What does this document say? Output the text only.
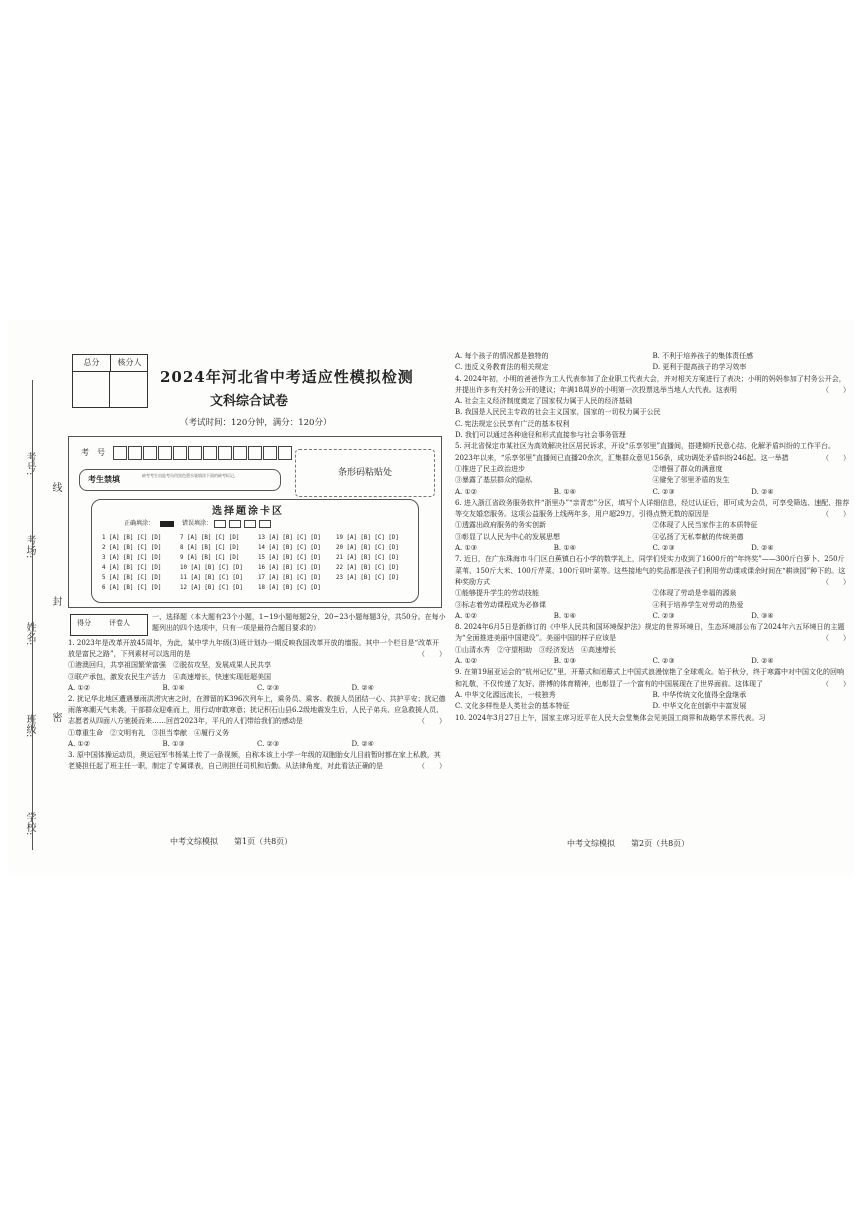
考号:
考场:
姓名:
班级:
学校:
线
封
密
总分	核分人
2024年河北省中考适应性模拟检测
文科综合试卷
（考试时间：120分钟，满分：120分）
考　号
条形码粘贴处
考生禁填	缺考考生由监考员用黑色墨水笔填涂下面的缺考标记。
选择题涂卡区
正确填涂：	错误填涂：
1 [A] [B] [C] [D]	7 [A] [B] [C] [D]	13 [A] [B] [C] [D]	19 [A] [B] [C] [D]
2 [A] [B] [C] [D]	8 [A] [B] [C] [D]	14 [A] [B] [C] [D]	20 [A] [B] [C] [D]
3 [A] [B] [C] [D]	9 [A] [B] [C] [D]	15 [A] [B] [C] [D]	21 [A] [B] [C] [D]
4 [A] [B] [C] [D]	10 [A] [B] [C] [D]	16 [A] [B] [C] [D]	22 [A] [B] [C] [D]
5 [A] [B] [C] [D]	11 [A] [B] [C] [D]	17 [A] [B] [C] [D]	23 [A] [B] [C] [D]
6 [A] [B] [C] [D]	12 [A] [B] [C] [D]	18 [A] [B] [C] [D]
得分	评卷人
一、选择题（本大题有23个小题，1~19小题每题2分，20~23小题每题3分，共50分。在每小题列出的四个选项中，只有一项是最符合题目要求的）

1. 2023年是改革开放45周年，为此，某中学九年级(3)班计划办一期反映我国改革开放的墙报。其中一个栏目是“改革开放是富民之路”，下列素材可以选用的是	（　　）

①港澳回归，共享祖国繁荣富强　②脱贫攻坚，发展成果人民共享

③联产承包，激发农民生产活力　④高速增长，快速实现赶超美国

A. ①②	B. ①④	C. ②③	D. ②④

2. 扰记华北地区遭遇暴雨洪涝灾害之时，在滞留的K396次列车上，乘务员、乘客、救援人员团结一心、共护平安；扰记德雨落寒潮天气来袭，干部群众迎难而上，用行动审敢寒意；扰记积石山县6.2级地震发生后，人民子弟兵、应急救援人员、志愿者从四面八方驰援而来……回首2023年，平凡的人们带给我们的感动是	（　　）

①尊重生命　②文明有礼　③担当奉献　④履行义务

A. ①②	B. ①③	C. ②③	D. ②④

3. 原中国体操运动员，奥运冠军韦杨某上传了一条视频，自称本该上小学一年级的双胞胎女儿目前暂时都在家上私教，其老婆担任起了班主任一职，制定了专属课表，自己则担任司机和后勤。从法律角度，对此看法正确的是	（　　）

中考文综模拟　　第1页（共8页）
A. 每个孩子的情况都是独特的	B. 不利于培养孩子的集体责任感
C. 违反义务教育法的相关规定	D. 更利于提高孩子的学习效率

4. 2024年初，小明的爸爸作为工人代表参加了企业职工代表大会，并对相关方案进行了表决；小明的妈妈参加了村务公开会，并提出许多有关村务公开的建议；年满18周岁的小明第一次投票选举当地人大代表。这表明	（　　）

A. 社会主义经济制度奠定了国家权力属于人民的经济基础

B. 我国是人民民主专政的社会主义国家，国家的一切权力属于公民

C. 宪法规定公民享有广泛的基本权利

D. 我们可以通过各种途径和形式直接参与社会事务管理

5. 河北省保定市某社区为高效解决社区居民诉求，开设“乐享邻里”直播间，搭建倾听民意心结、化解矛盾纠纷的工作平台。2023年以来，“乐享邻里”直播间已直播20余次，汇集群众意见156条，成功调处矛盾纠纷246起。这一举措	（　　）

①推进了民主政治进步	②增强了群众的满意度
③暴露了基层群众的隐私	④避免了邻里矛盾的发生
A. ①②	B. ①④	C. ②③	D. ②④

6. 进入浙江省政务服务软件“浙里办”“亲青恋”分区，填写个人详细信息，经过认证后，即可成为会员，可享受筛选、速配、推荐等交友婚恋服务。这项公益服务上线两年多，用户超29万，引得点赞无数的原因是	（　　）

①透露出政府服务的务实创新	②体现了人民当家作主的本质特征
③彰显了以人民为中心的发展思想	④弘扬了无私奉献的传统美德
A. ①③	B. ①④	C. ②③	D. ②④

7. 近日，在广东珠海市斗门区白蕉镇白石小学的数学礼上，同学们凭实力收到了1600斤的“年终奖”——300斤白萝卜、250斤菜苇、150斤大米、100斤芹菜、100斤卯叶菜等。这些接地气的奖品都是孩子们利用劳动课或课余时间在“耕读园”种下的。这种奖励方式	（　　）

①能够提升学生的劳动技能	②体现了劳动是幸福的源泉
③标志着劳动课程成为必修课	④利于培养学生对劳动的热爱
A. ①②	B. ①④	C. ②③	D. ③④

8. 2024年6月5日是新修订的《中华人民共和国环境保护法》规定的世界环境日，生态环境部公布了2024年六五环境日的主题为“全面推进美丽中国建设”。美丽中国的样子应该是	（　　）

①山清水秀　②守望相助　③经济发达　④高速增长

A. ①②	B. ①③	C. ②③	D. ②④

9. 在第19届亚运会的“杭州记忆”里，开幕式和闭幕式上中国式浪漫惊艳了全球观众。始于秋分，终于寒露中对中国文化的回响和礼敬，不仅传递了友好、胖博的体育精神，也彰显了一个富有的中国展现在了世界面前。这体现了	（　　）

A. 中华文化源远流长，一枝独秀	B. 中华传统文化值得全盘继承
C. 文化多样性是人类社会的基本特征	D. 中华文化在创新中丰富发展

10. 2024年3月27日上午，国家主席习近平在人民大会堂集体会见美国工商界和战略学术界代表。习

中考文综模拟　　第2页（共8页）
